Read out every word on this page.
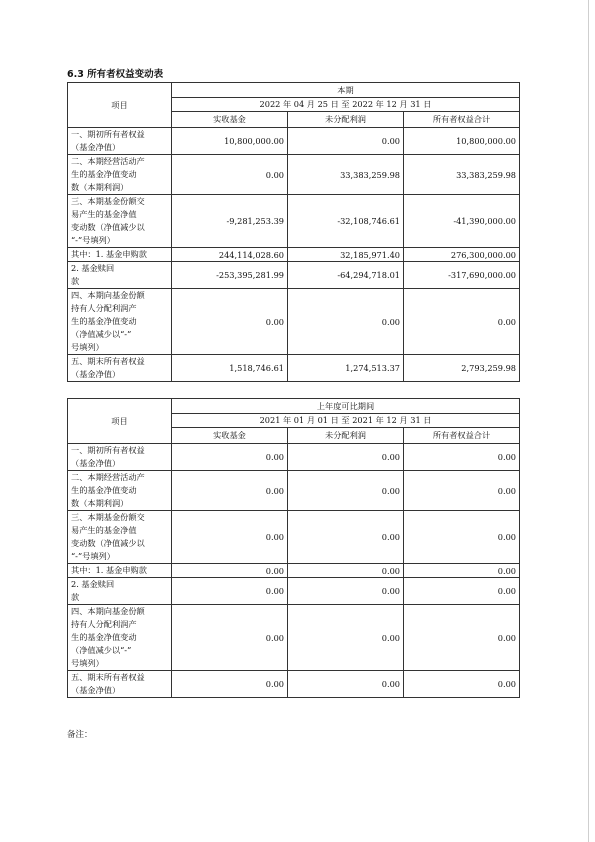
6.3 所有者权益变动表
项目	本期		
	2022 年 04 月 25 日 至 2022 年 12 月 31 日		
	实收基金	未分配利润	所有者权益合计

一、期初所有者权益
（基金净值）	10,800,000.00	0.00	10,800,000.00

二、本期经营活动产
生的基金净值变动
数（本期利润）	0.00	33,383,259.98	33,383,259.98

三、本期基金份额交
易产生的基金净值
变动数（净值减少以
“-”号填列）	-9,281,253.39	-32,108,746.61	-41,390,000.00

其中：1. 基金申购款	244,114,028.60	32,185,971.40	276,300,000.00

2. 基金赎回
款	-253,395,281.99	-64,294,718.01	-317,690,000.00

四、本期向基金份额
持有人分配利润产
生的基金净值变动
（净值减少以“-”
号填列）	0.00	0.00	0.00

五、期末所有者权益
（基金净值）	1,518,746.61	1,274,513.37	2,793,259.98
项目	上年度可比期间		
	2021 年 01 月 01 日 至 2021 年 12 月 31 日		
	实收基金	未分配利润	所有者权益合计

一、期初所有者权益
（基金净值）	0.00	0.00	0.00

二、本期经营活动产
生的基金净值变动
数（本期利润）	0.00	0.00	0.00

三、本期基金份额交
易产生的基金净值
变动数（净值减少以
“-”号填列）	0.00	0.00	0.00

其中：1. 基金申购款	0.00	0.00	0.00

2. 基金赎回
款	0.00	0.00	0.00

四、本期向基金份额
持有人分配利润产
生的基金净值变动
（净值减少以“-”
号填列）	0.00	0.00	0.00

五、期末所有者权益
（基金净值）	0.00	0.00	0.00
备注：
